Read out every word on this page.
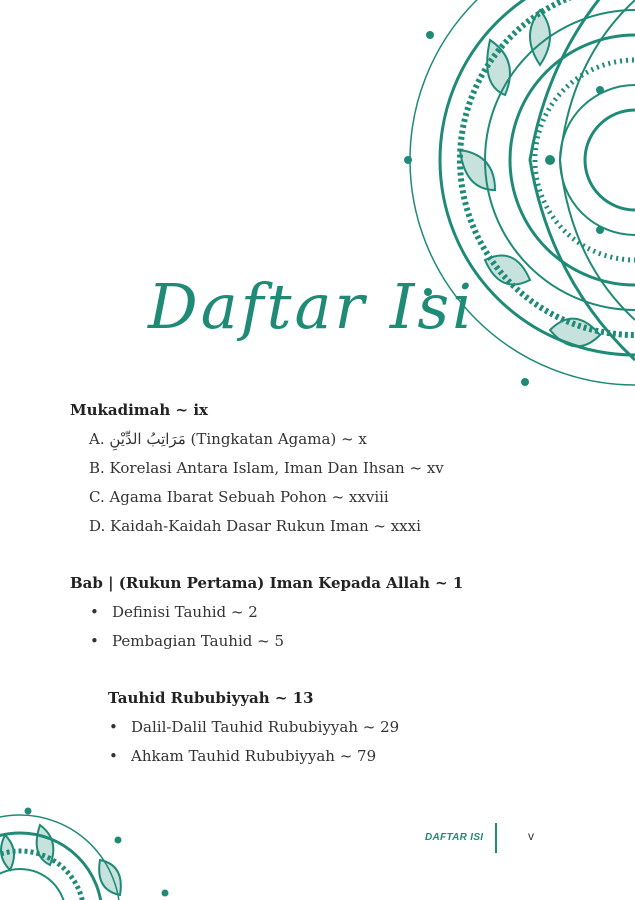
Daftar Isi
Mukadimah ~ ix
A. مَرَاتِبُ الدِّيْنِ (Tingkatan Agama) ~ x
B. Korelasi Antara Islam, Iman Dan Ihsan ~ xv
C. Agama Ibarat Sebuah Pohon ~ xxviii
D. Kaidah-Kaidah Dasar Rukun Iman ~ xxxi
Bab | (Rukun Pertama) Iman Kepada Allah ~ 1
• Definisi Tauhid ~ 2
• Pembagian Tauhid ~ 5
Tauhid Rububiyyah ~ 13
• Dalil-Dalil Tauhid Rububiyyah ~ 29
• Ahkam Tauhid Rububiyyah ~ 79
DAFTAR ISI	v
